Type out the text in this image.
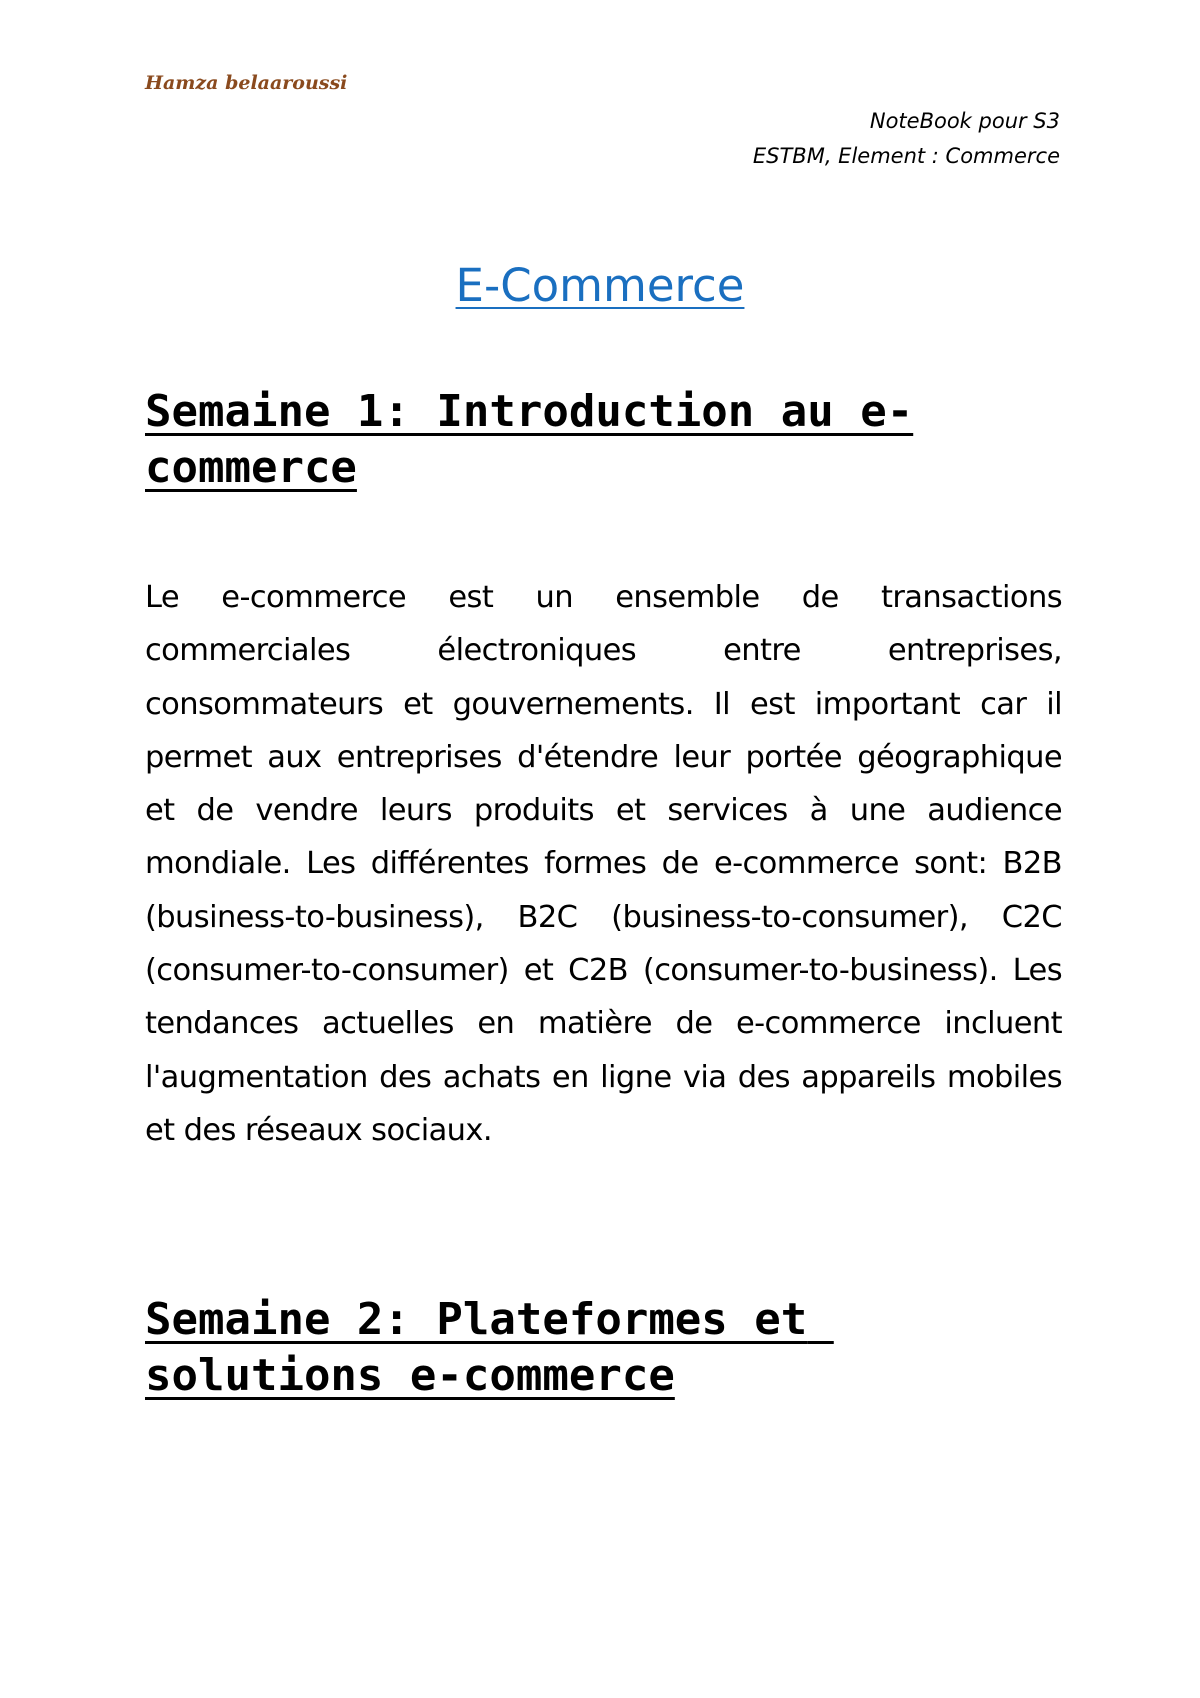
Hamza belaaroussi
NoteBook pour S3
ESTBM, Element : Commerce
E-Commerce
Semaine 1: Introduction au e-commerce

Le e-commerce est un ensemble de transactions commerciales électroniques entre entreprises, consommateurs et gouvernements. Il est important car il permet aux entreprises d'étendre leur portée géographique et de vendre leurs produits et services à une audience mondiale. Les différentes formes de e-commerce sont: B2B (business-to-business), B2C (business-to-consumer), C2C (consumer-to-consumer) et C2B (consumer-to-business). Les tendances actuelles en matière de e-commerce incluent l'augmentation des achats en ligne via des appareils mobiles et des réseaux sociaux.

Semaine 2: Plateformes et solutions e-commerce
